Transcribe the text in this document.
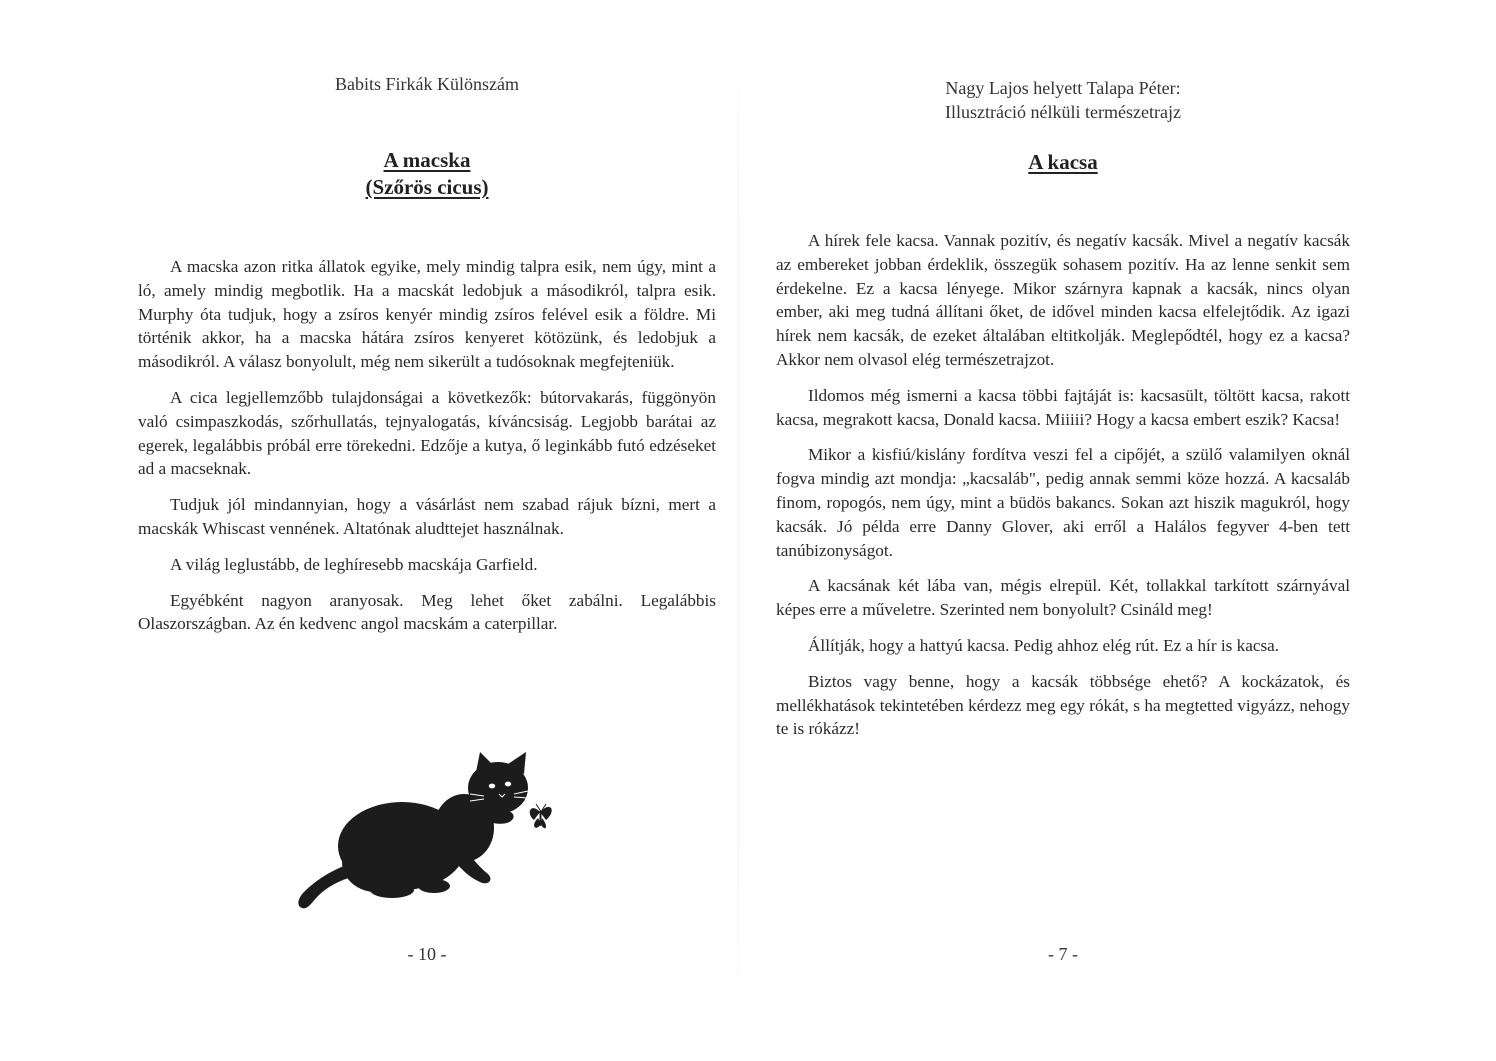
Babits Firkák Különszám
A macska
(Szőrös cicus)

A macska azon ritka állatok egyike, mely mindig talpra esik, nem úgy, mint a ló, amely mindig megbotlik. Ha a macskát ledobjuk a másodikról, talpra esik. Murphy óta tudjuk, hogy a zsíros kenyér mindig zsíros felével esik a földre. Mi történik akkor, ha a macska hátára zsíros kenyeret kötözünk, és ledobjuk a másodikról. A válasz bonyolult, még nem sikerült a tudósoknak megfejteniük.

A cica legjellemzőbb tulajdonságai a következők: bútorvakarás, függönyön való csimpaszkodás, szőrhullatás, tejnyalogatás, kíváncsiság. Legjobb barátai az egerek, legalábbis próbál erre törekedni. Edzője a kutya, ő leginkább futó edzéseket ad a macseknak.

Tudjuk jól mindannyian, hogy a vásárlást nem szabad rájuk bízni, mert a macskák Whiscast vennének. Altatónak aludttejet használnak.

A világ leglustább, de leghíresebb macskája Garfield.

Egyébként nagyon aranyosak. Meg lehet őket zabálni. Legalábbis Olaszországban. Az én kedvenc angol macskám a caterpillar.

- 10 -
Nagy Lajos helyett Talapa Péter:
Illusztráció nélküli természetrajz
A kacsa

A hírek fele kacsa. Vannak pozitív, és negatív kacsák. Mivel a negatív kacsák az embereket jobban érdeklik, összegük sohasem pozitív. Ha az lenne senkit sem érdekelne. Ez a kacsa lényege. Mikor szárnyra kapnak a kacsák, nincs olyan ember, aki meg tudná állítani őket, de idővel minden kacsa elfelejtődik. Az igazi hírek nem kacsák, de ezeket általában eltitkolják. Meglepődtél, hogy ez a kacsa? Akkor nem olvasol elég természetrajzot.

Ildomos még ismerni a kacsa többi fajtáját is: kacsasült, töltött kacsa, rakott kacsa, megrakott kacsa, Donald kacsa. Miiiii? Hogy a kacsa embert eszik? Kacsa!

Mikor a kisfiú/kislány fordítva veszi fel a cipőjét, a szülő valamilyen oknál fogva mindig azt mondja: „kacsaláb", pedig annak semmi köze hozzá. A kacsaláb finom, ropogós, nem úgy, mint a büdös bakancs. Sokan azt hiszik magukról, hogy kacsák. Jó példa erre Danny Glover, aki erről a Halálos fegyver 4-ben tett tanúbizonyságot.

A kacsának két lába van, mégis elrepül. Két, tollakkal tarkított szárnyával képes erre a műveletre. Szerinted nem bonyolult? Csináld meg!

Állítják, hogy a hattyú kacsa. Pedig ahhoz elég rút. Ez a hír is kacsa.

Biztos vagy benne, hogy a kacsák többsége ehető? A kockázatok, és mellékhatások tekintetében kérdezz meg egy rókát, s ha megtetted vigyázz, nehogy te is rókázz!

- 7 -
